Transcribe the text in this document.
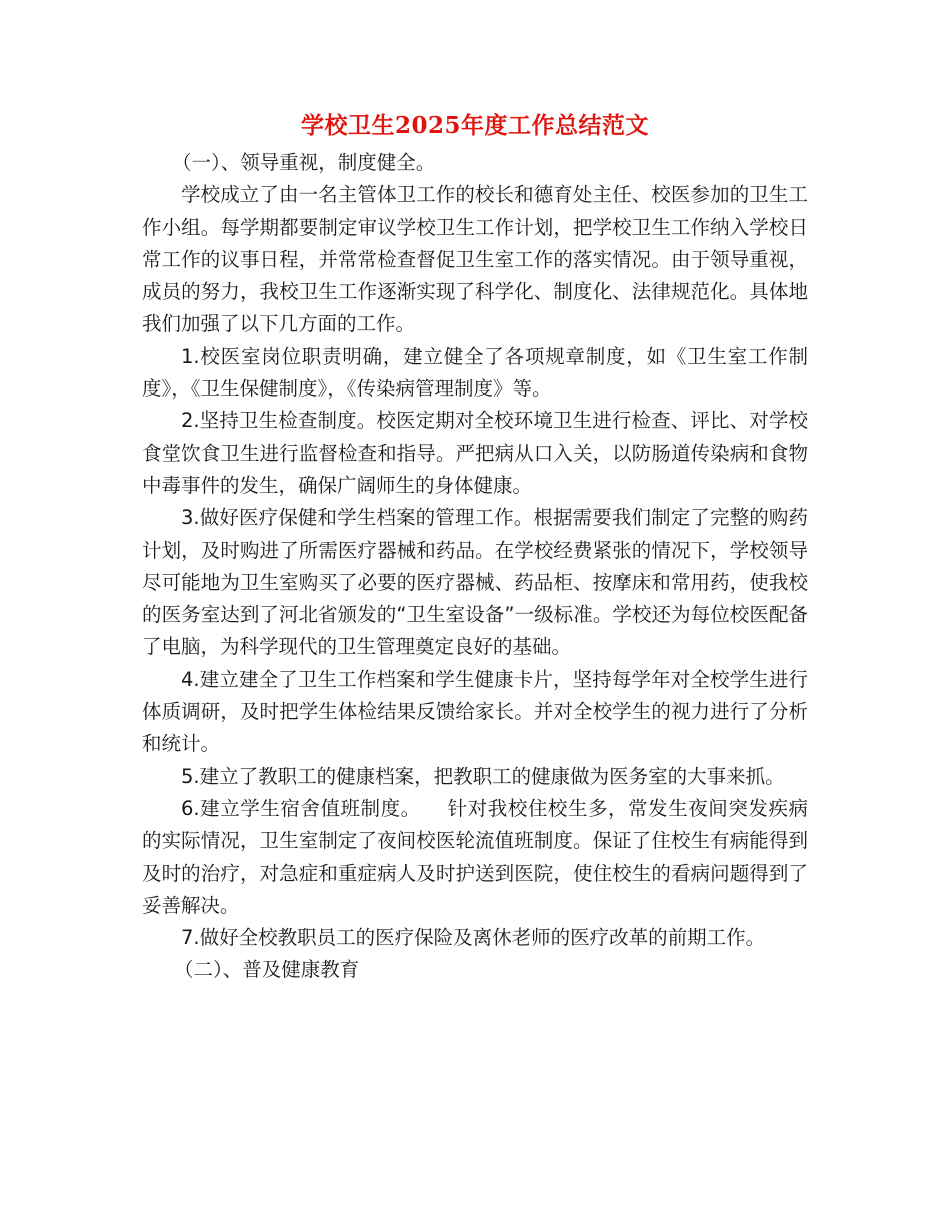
学校卫生2025年度工作总结范文

（一）、领导重视，制度健全。

学校成立了由一名主管体卫工作的校长和德育处主任、校医参加的卫生工作小组。每学期都要制定审议学校卫生工作计划，把学校卫生工作纳入学校日常工作的议事日程，并常常检查督促卫生室工作的落实情况。由于领导重视，成员的努力，我校卫生工作逐渐实现了科学化、制度化、法律规范化。具体地我们加强了以下几方面的工作。

1.校医室岗位职责明确，建立健全了各项规章制度，如《卫生室工作制度》，《卫生保健制度》，《传染病管理制度》等。

2.坚持卫生检查制度。校医定期对全校环境卫生进行检查、评比、对学校食堂饮食卫生进行监督检查和指导。严把病从口入关，以防肠道传染病和食物中毒事件的发生，确保广阔师生的身体健康。

3.做好医疗保健和学生档案的管理工作。根据需要我们制定了完整的购药计划，及时购进了所需医疗器械和药品。在学校经费紧张的情况下，学校领导尽可能地为卫生室购买了必要的医疗器械、药品柜、按摩床和常用药，使我校的医务室达到了河北省颁发的“卫生室设备”一级标准。学校还为每位校医配备了电脑，为科学现代的卫生管理奠定良好的基础。

4.建立建全了卫生工作档案和学生健康卡片，坚持每学年对全校学生进行体质调研，及时把学生体检结果反馈给家长。并对全校学生的视力进行了分析和统计。

5.建立了教职工的健康档案，把教职工的健康做为医务室的大事来抓。

6.建立学生宿舍值班制度。    针对我校住校生多，常发生夜间突发疾病的实际情况，卫生室制定了夜间校医轮流值班制度。保证了住校生有病能得到及时的治疗，对急症和重症病人及时护送到医院，使住校生的看病问题得到了妥善解决。

7.做好全校教职员工的医疗保险及离休老师的医疗改革的前期工作。

（二）、普及健康教育
